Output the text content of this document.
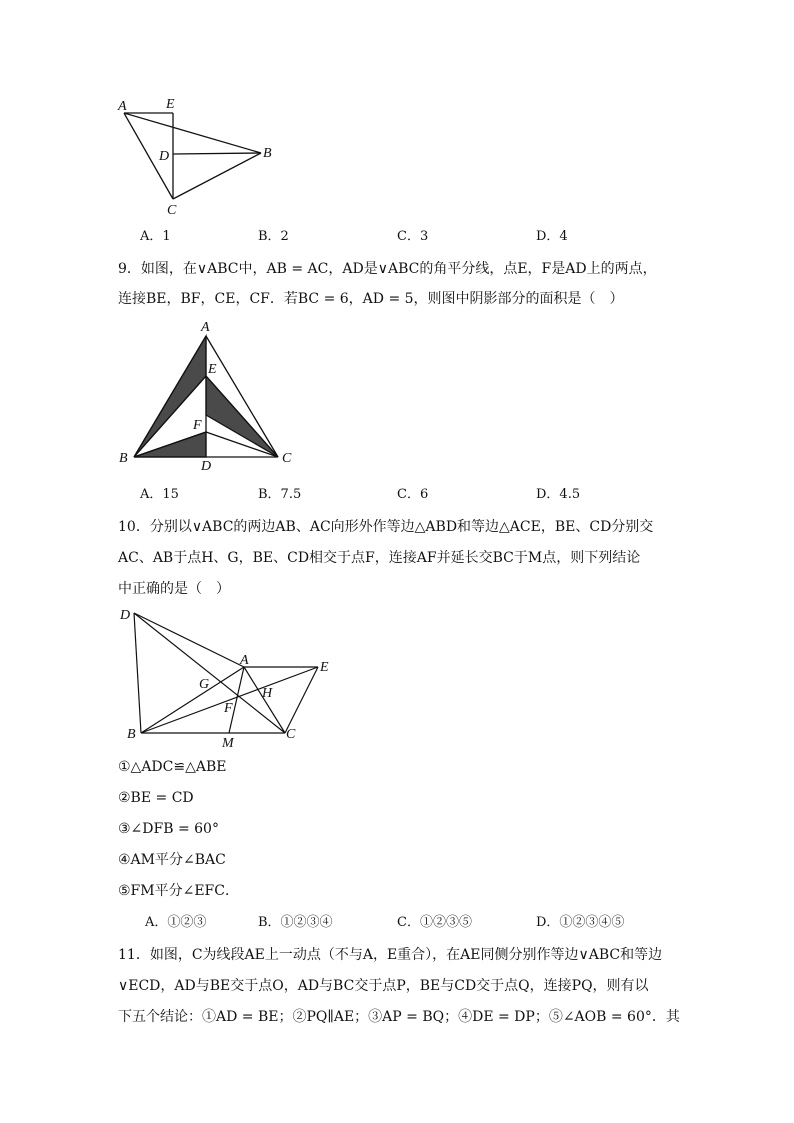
A	E
D	B
C
A．1	B．2	C．3	D．4
9．如图，在∨ABC中，AB = AC，AD是∨ABC的角平分线，点E，F是AD上的两点，
连接BE，BF，CE，CF．若BC = 6，AD = 5，则图中阴影部分的面积是（　）
A
E
F
B
D
C
A．15	B．7.5	C．6	D．4.5
10．分别以∨ABC的两边AB、AC向形外作等边△ABD和等边△ACE，BE、CD分别交
AC、AB于点H、G，BE、CD相交于点F，连接AF并延长交BC于M点，则下列结论
中正确的是（　）
D
A	E
G
H
F
B
M
C
①△ADC≌△ABE
②BE = CD
③∠DFB = 60°
④AM平分∠BAC
⑤FM平分∠EFC．
A．①②③	B．①②③④	C．①②③⑤	D．①②③④⑤
11．如图，C为线段AE上一动点（不与A，E重合），在AE同侧分别作等边∨ABC和等边
∨ECD，AD与BE交于点O，AD与BC交于点P，BE与CD交于点Q，连接PQ，则有以
下五个结论：①AD = BE；②PQ∥AE；③AP = BQ；④DE = DP；⑤∠AOB = 60°．其
